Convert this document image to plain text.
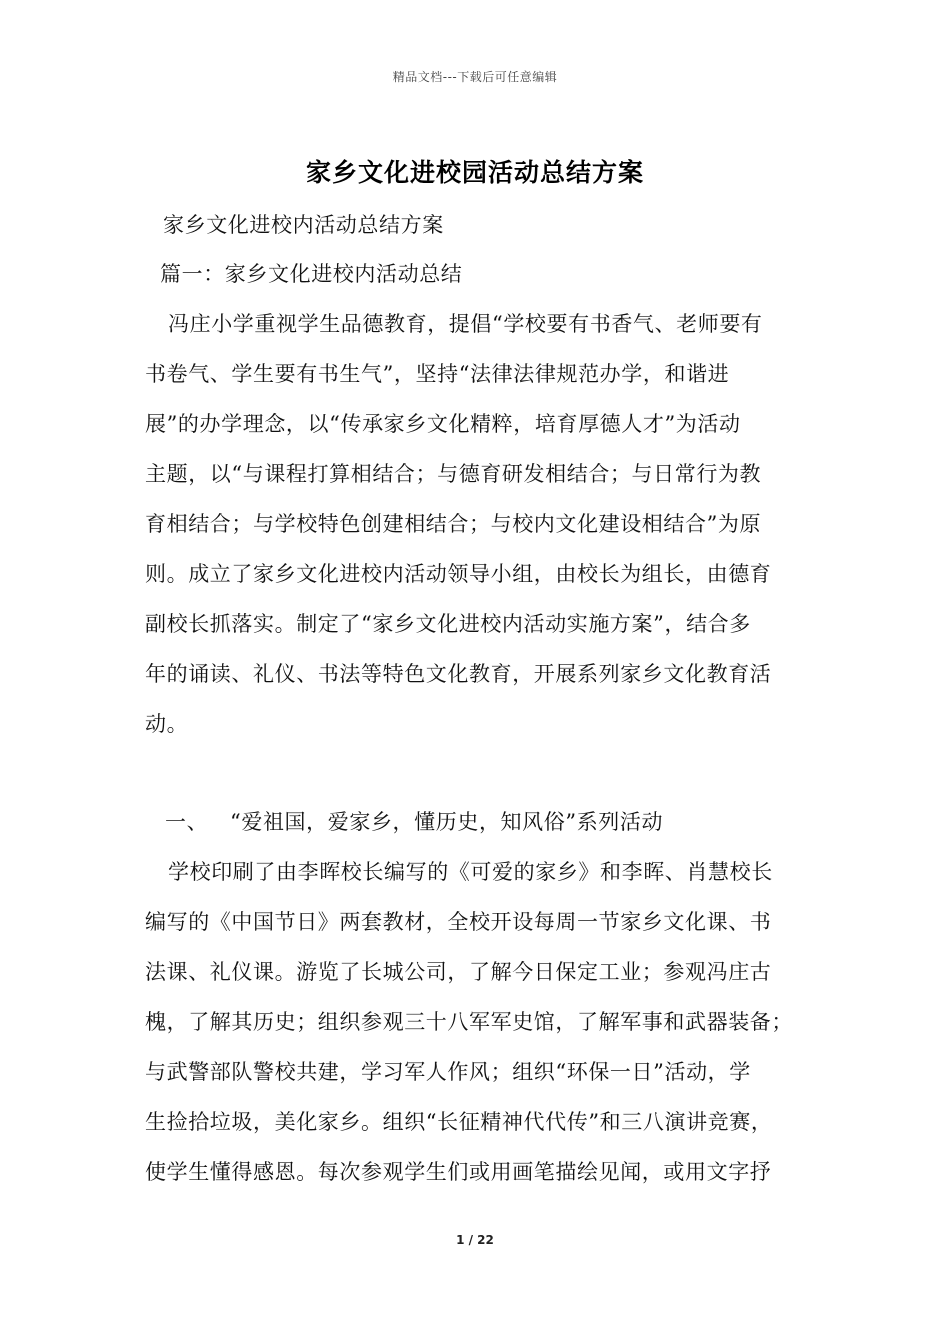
精品文档---下载后可任意编辑
家乡文化进校园活动总结方案
家乡文化进校内活动总结方案
篇一：家乡文化进校内活动总结
冯庄小学重视学生品德教育，提倡“学校要有书香气、老师要有
书卷气、学生要有书生气”，坚持“法律法律规范办学，和谐进
展”的办学理念，以“传承家乡文化精粹，培育厚德人才”为活动
主题，以“与课程打算相结合；与德育研发相结合；与日常行为教
育相结合；与学校特色创建相结合；与校内文化建设相结合”为原
则。成立了家乡文化进校内活动领导小组，由校长为组长，由德育
副校长抓落实。制定了“家乡文化进校内活动实施方案”，结合多
年的诵读、礼仪、书法等特色文化教育，开展系列家乡文化教育活
动。
一、   “爱祖国，爱家乡，懂历史，知风俗”系列活动
学校印刷了由李晖校长编写的《可爱的家乡》和李晖、肖慧校长
编写的《中国节日》两套教材，全校开设每周一节家乡文化课、书
法课、礼仪课。游览了长城公司，了解今日保定工业；参观冯庄古
槐，了解其历史；组织参观三十八军军史馆，了解军事和武器装备；
与武警部队警校共建，学习军人作风；组织“环保一日”活动，学
生捡拾垃圾，美化家乡。组织“长征精神代代传”和三八演讲竞赛，
使学生懂得感恩。每次参观学生们或用画笔描绘见闻，或用文字抒
1 / 22
